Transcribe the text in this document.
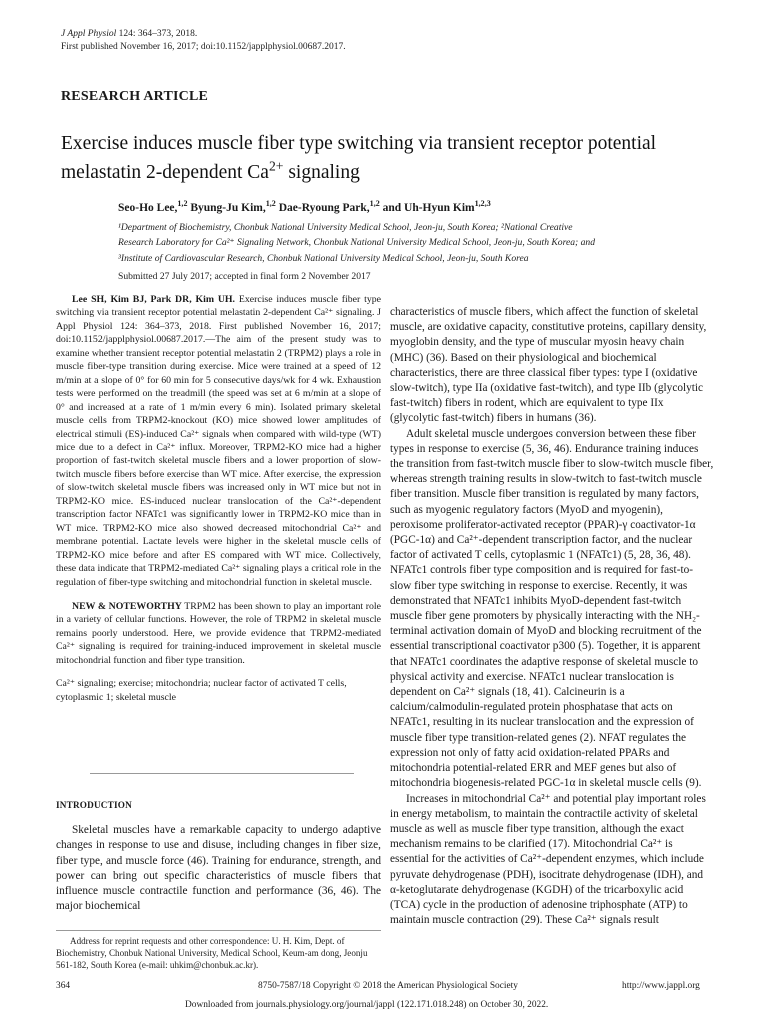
J Appl Physiol 124: 364–373, 2018.
First published November 16, 2017; doi:10.1152/japplphysiol.00687.2017.
RESEARCH ARTICLE
Exercise induces muscle fiber type switching via transient receptor potential
melastatin 2-dependent $Ca^{2+}$ signaling
Seo-Ho Lee,$^{1,2}$ Byung-Ju Kim,$^{1,2}$ Dae-Ryoung Park,$^{1,2}$ and Uh-Hyun Kim$^{1,2,3}$
¹Department of Biochemistry, Chonbuk National University Medical School, Jeon-ju, South Korea; ²National Creative
Research Laboratory for Ca²⁺ Signaling Network, Chonbuk National University Medical School, Jeon-ju, South Korea; and
³Institute of Cardiovascular Research, Chonbuk National University Medical School, Jeon-ju, South Korea
Submitted 27 July 2017; accepted in final form 2 November 2017

Lee SH, Kim BJ, Park DR, Kim UH. Exercise induces muscle fiber type switching via transient receptor potential melastatin 2-dependent Ca²⁺ signaling. J Appl Physiol 124: 364–373, 2018. First published November 16, 2017; doi:10.1152/japplphysiol.00687.2017.—The aim of the present study was to examine whether transient receptor potential melastatin 2 (TRPM2) plays a role in muscle fiber-type transition during exercise. Mice were trained at a speed of 12 m/min at a slope of 0° for 60 min for 5 consecutive days/wk for 4 wk. Exhaustion tests were performed on the treadmill (the speed was set at 6 m/min at a slope of 0° and increased at a rate of 1 m/min every 6 min). Isolated primary skeletal muscle cells from TRPM2-knockout (KO) mice showed lower amplitudes of electrical stimuli (ES)-induced Ca²⁺ signals when compared with wild-type (WT) mice due to a defect in Ca²⁺ influx. Moreover, TRPM2-KO mice had a higher proportion of fast-twitch skeletal muscle fibers and a lower proportion of slow-twitch muscle fibers before exercise than WT mice. After exercise, the expression of slow-twitch skeletal muscle fibers was increased only in WT mice but not in TRPM2-KO mice. ES-induced nuclear translocation of the Ca²⁺-dependent transcription factor NFATc1 was significantly lower in TRPM2-KO mice than in WT mice. TRPM2-KO mice also showed decreased mitochondrial Ca²⁺ and membrane potential. Lactate levels were higher in the skeletal muscle cells of TRPM2-KO mice before and after ES compared with WT mice. Collectively, these data indicate that TRPM2-mediated Ca²⁺ signaling plays a critical role in the regulation of fiber-type switching and mitochondrial function in skeletal muscle.

NEW & NOTEWORTHY TRPM2 has been shown to play an important role in a variety of cellular functions. However, the role of TRPM2 in skeletal muscle remains poorly understood. Here, we provide evidence that TRPM2-mediated Ca²⁺ signaling is required for training-induced improvement in skeletal muscle mitochondrial function and fiber type transition.

Ca²⁺ signaling; exercise; mitochondria; nuclear factor of activated T cells, cytoplasmic 1; skeletal muscle

INTRODUCTION

Skeletal muscles have a remarkable capacity to undergo adaptive changes in response to use and disuse, including changes in fiber size, fiber type, and muscle force (46). Training for endurance, strength, and power can bring out specific characteristics of muscle fibers that influence muscle contractile function and performance (36, 46). The major biochemical

Address for reprint requests and other correspondence: U. H. Kim, Dept. of Biochemistry, Chonbuk National University, Medical School, Keum-am dong, Jeonju 561-182, South Korea (e-mail: uhkim@chonbuk.ac.kr).

characteristics of muscle fibers, which affect the function of skeletal muscle, are oxidative capacity, constitutive proteins, capillary density, myoglobin density, and the type of muscular myosin heavy chain (MHC) (36). Based on their physiological and biochemical characteristics, there are three classical fiber types: type I (oxidative slow-twitch), type IIa (oxidative fast-twitch), and type IIb (glycolytic fast-twitch) fibers in rodent, which are equivalent to type IIx (glycolytic fast-twitch) fibers in humans (36).

Adult skeletal muscle undergoes conversion between these fiber types in response to exercise (5, 36, 46). Endurance training induces the transition from fast-twitch muscle fiber to slow-twitch muscle fiber, whereas strength training results in slow-twitch to fast-twitch muscle fiber transition. Muscle fiber transition is regulated by many factors, such as myogenic regulatory factors (MyoD and myogenin), peroxisome proliferator-activated receptor (PPAR)-γ coactivator-1α (PGC-1α) and Ca²⁺-dependent transcription factor, and the nuclear factor of activated T cells, cytoplasmic 1 (NFATc1) (5, 28, 36, 48). NFATc1 controls fiber type composition and is required for fast-to-slow fiber type switching in response to exercise. Recently, it was demonstrated that NFATc1 inhibits MyoD-dependent fast-twitch muscle fiber gene promoters by physically interacting with the NH₂-terminal activation domain of MyoD and blocking recruitment of the essential transcriptional coactivator p300 (5). Together, it is apparent that NFATc1 coordinates the adaptive response of skeletal muscle to physical activity and exercise. NFATc1 nuclear translocation is dependent on Ca²⁺ signals (18, 41). Calcineurin is a calcium/calmodulin-regulated protein phosphatase that acts on NFATc1, resulting in its nuclear translocation and the expression of muscle fiber type transition-related genes (2). NFAT regulates the expression not only of fatty acid oxidation-related PPARs and mitochondria potential-related ERR and MEF genes but also of mitochondria biogenesis-related PGC-1α in skeletal muscle cells (9).

Increases in mitochondrial Ca²⁺ and potential play important roles in energy metabolism, to maintain the contractile activity of skeletal muscle as well as muscle fiber type transition, although the exact mechanism remains to be clarified (17). Mitochondrial Ca²⁺ is essential for the activities of Ca²⁺-dependent enzymes, which include pyruvate dehydrogenase (PDH), isocitrate dehydrogenase (IDH), and α-ketoglutarate dehydrogenase (KGDH) of the tricarboxylic acid (TCA) cycle in the production of adenosine triphosphate (ATP) to maintain muscle contraction (29). These Ca²⁺ signals result

364	8750-7587/18 Copyright © 2018 the American Physiological Society	http://www.jappl.org
Downloaded from journals.physiology.org/journal/jappl (122.171.018.248) on October 30, 2022.
